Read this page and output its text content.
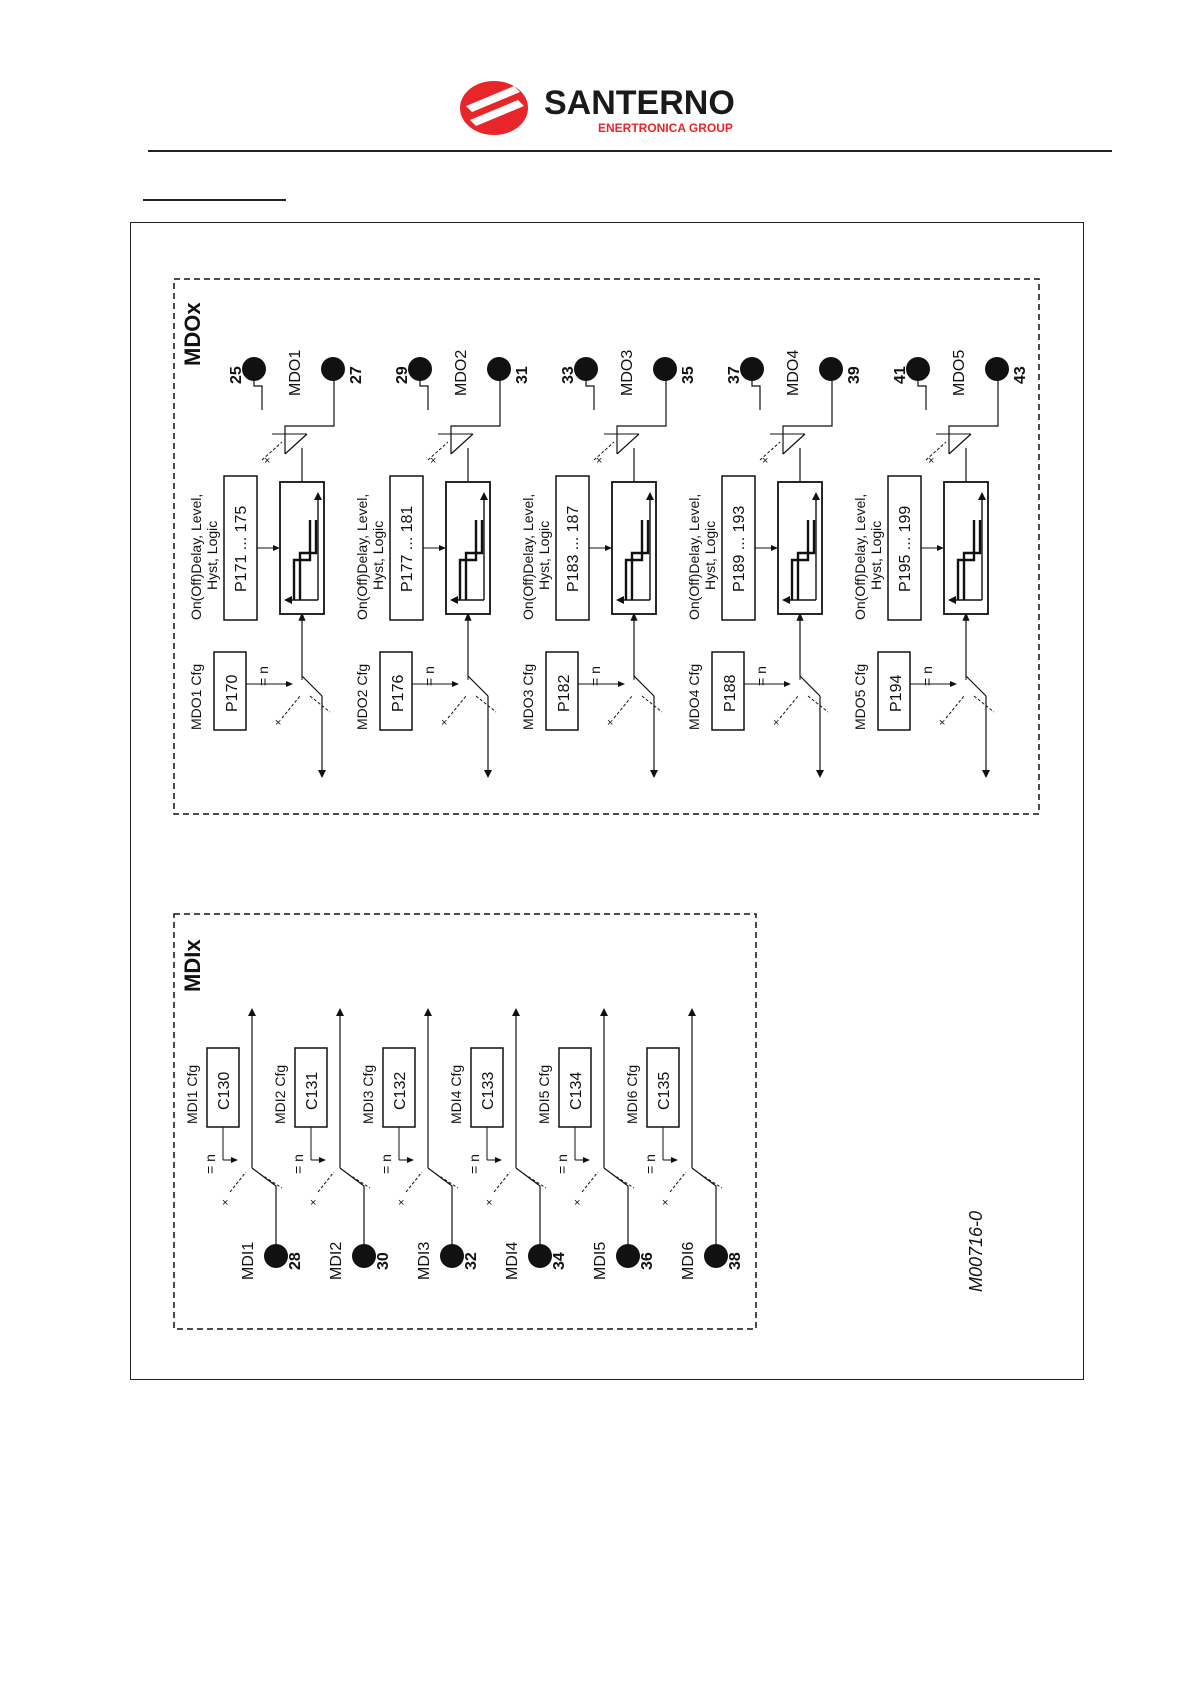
SANTERNO
ENERTRONICA GROUP
MDOx
MDIx
M00716-0
MDO1 Cfg
On(Off)Delay, Level, Hyst, Logic
P170
P171 ... 175
= n
×
×
25	27
MDO1
MDO2 Cfg
On(Off)Delay, Level, Hyst, Logic
P176
P177 ... 181
= n
×
×
29	31
MDO2
MDO3 Cfg
On(Off)Delay, Level, Hyst, Logic
P182
P183 ... 187
= n
×
×
33	35
MDO3
MDO4 Cfg
On(Off)Delay, Level, Hyst, Logic
P188
P189 ... 193
= n
×
×
37	39
MDO4
MDO5 Cfg
On(Off)Delay, Level, Hyst, Logic
P194
P195 ... 199
= n
×
×
41	43
MDO5
MDI1 Cfg C130
= n
×
28
MDI1
MDI2 Cfg C131
= n
×
30
MDI2
MDI3 Cfg C132
= n
×
32
MDI3
MDI4 Cfg C133
= n
×
34
MDI4
MDI5 Cfg C134
= n
×
36
MDI5
MDI6 Cfg C135
= n
×
38
MDI6
